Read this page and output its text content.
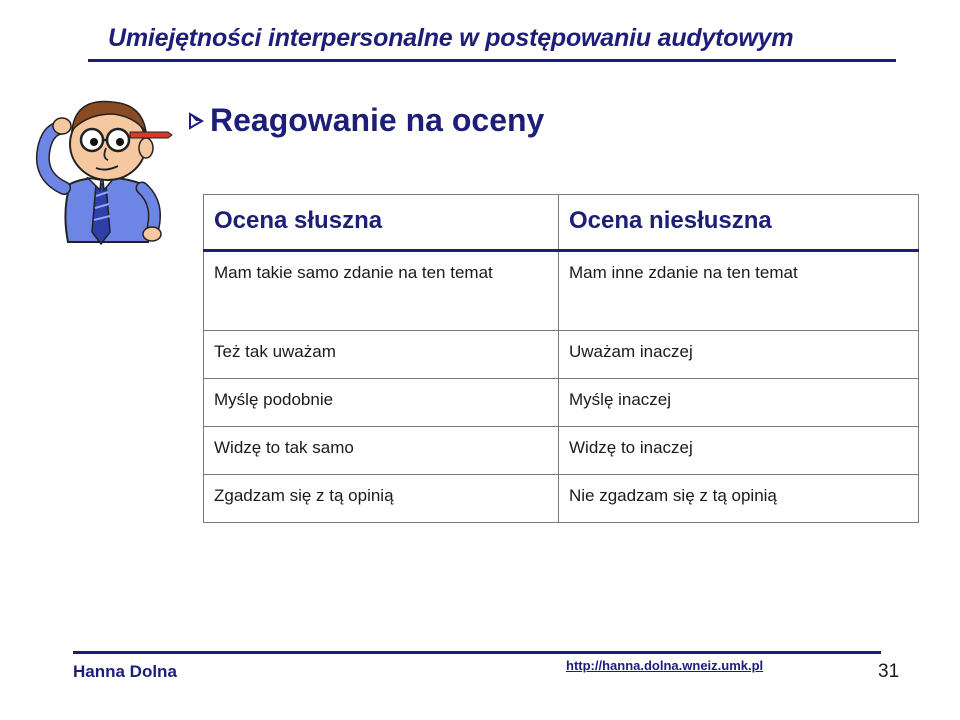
Umiejętności interpersonalne w postępowaniu audytowym
Reagowanie na oceny
Ocena słuszna	Ocena niesłuszna
Mam takie samo zdanie na ten temat	Mam inne zdanie na ten temat
Też tak uważam	Uważam inaczej
Myślę podobnie	Myślę inaczej
Widzę to tak samo	Widzę to inaczej
Zgadzam się z tą opinią	Nie zgadzam się z tą opinią
Hanna Dolna	http://hanna.dolna.wneiz.umk.pl	31
